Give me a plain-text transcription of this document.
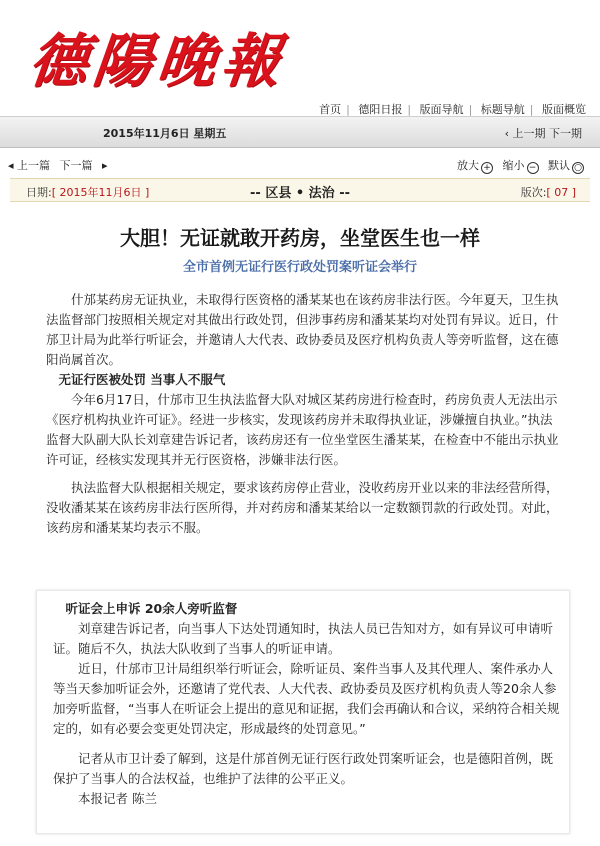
德陽晚報
首页 | 德阳日报 | 版面导航 | 标题导航 | 版面概览
2015年11月6日 星期五	‹ 上一期 下一期
◂ 上一篇 下一篇 ▸	放大 + 缩小 − 默认 ○
日期:[ 2015年11月6日 ]	-- 区县 • 法治 --	版次:[ 07 ]
大胆！无证就敢开药房，坐堂医生也一样
全市首例无证行医行政处罚案听证会举行

什邡某药房无证执业，未取得行医资格的潘某某也在该药房非法行医。今年夏天，卫生执法监督部门按照相关规定对其做出行政处罚，但涉事药房和潘某某均对处罚有异议。近日，什邡卫计局为此举行听证会，并邀请人大代表、政协委员及医疗机构负责人等旁听监督，这在德阳尚属首次。

无证行医被处罚 当事人不服气

今年6月17日，什邡市卫生执法监督大队对城区某药房进行检查时，药房负责人无法出示《医疗机构执业许可证》。经进一步核实，发现该药房并未取得执业证，涉嫌擅自执业。”执法监督大队副大队长刘章建告诉记者，该药房还有一位坐堂医生潘某某，在检查中不能出示执业许可证，经核实发现其并无行医资格，涉嫌非法行医。

执法监督大队根据相关规定，要求该药房停止营业，没收药房开业以来的非法经营所得，没收潘某某在该药房非法行医所得，并对药房和潘某某给以一定数额罚款的行政处罚。对此，该药房和潘某某均表示不服。

听证会上申诉 20余人旁听监督

刘章建告诉记者，向当事人下达处罚通知时，执法人员已告知对方，如有异议可申请听证。随后不久，执法大队收到了当事人的听证申请。

近日，什邡市卫计局组织举行听证会，除听证员、案件当事人及其代理人、案件承办人等当天参加听证会外，还邀请了党代表、人大代表、政协委员及医疗机构负责人等20余人参加旁听监督，“当事人在听证会上提出的意见和证据，我们会再确认和合议，采纳符合相关规定的，如有必要会变更处罚决定，形成最终的处罚意见。”

记者从市卫计委了解到，这是什邡首例无证行医行政处罚案听证会，也是德阳首例，既保护了当事人的合法权益，也维护了法律的公平正义。

本报记者 陈兰
